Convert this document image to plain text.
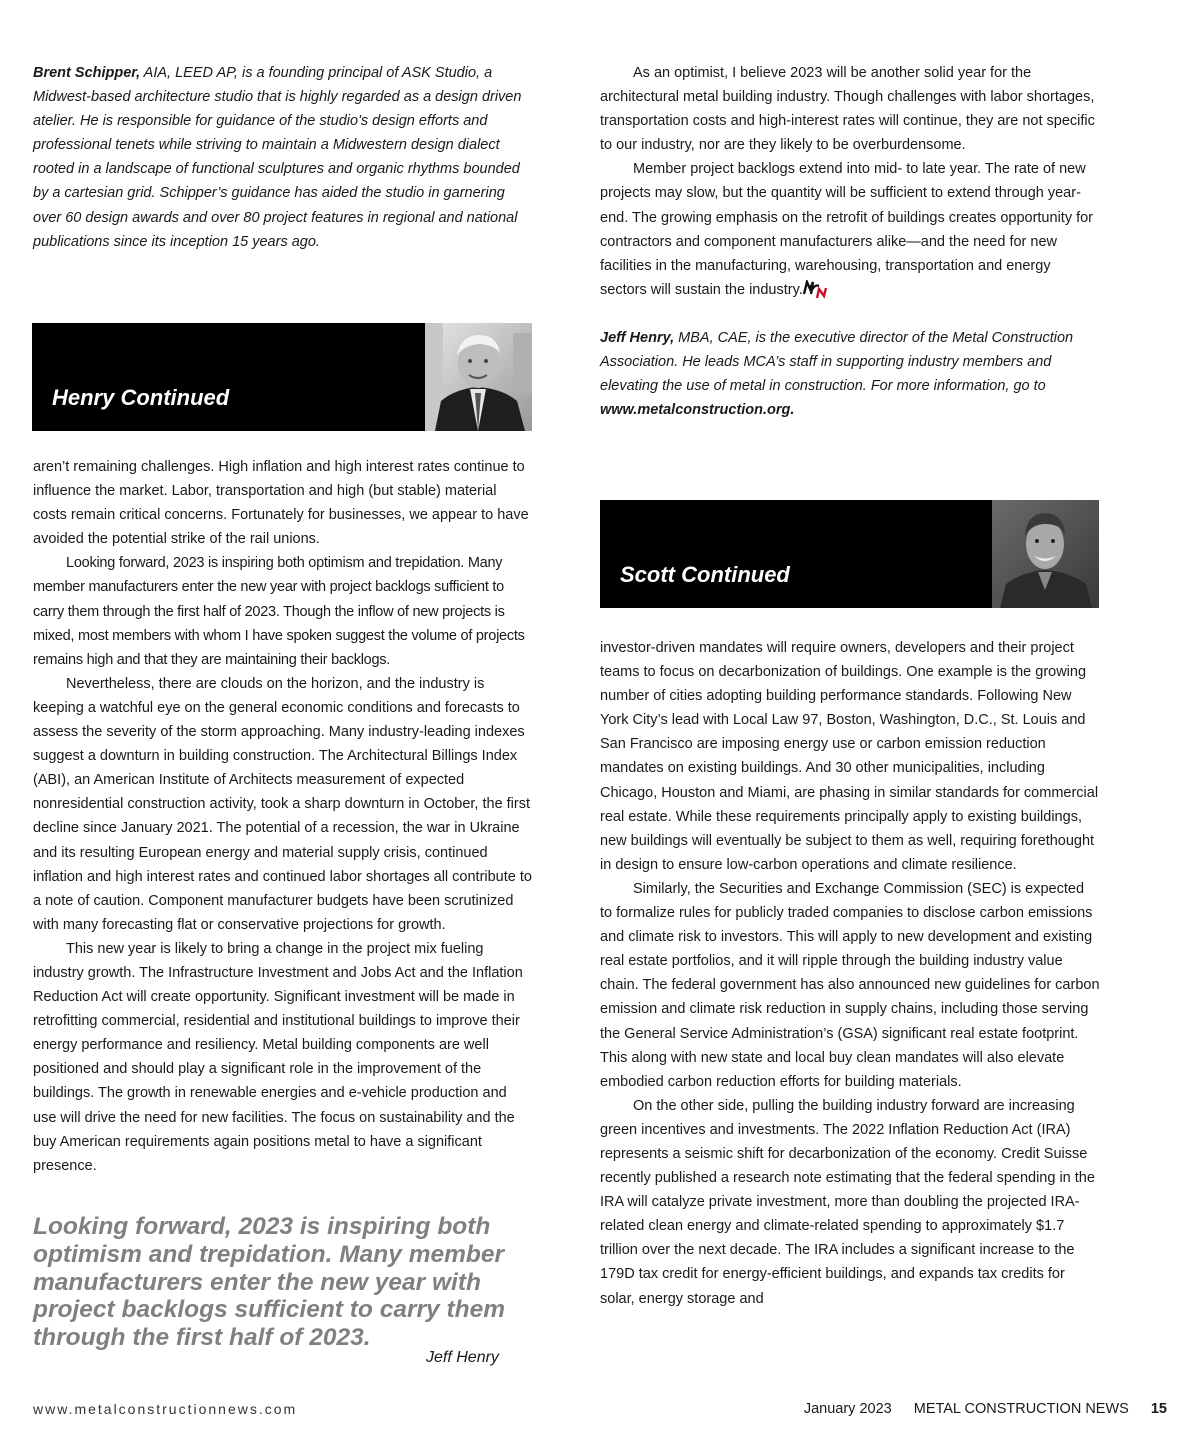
Brent Schipper, AIA, LEED AP, is a founding principal of ASK Studio, a Midwest-based architecture studio that is highly regarded as a design driven atelier. He is responsible for guidance of the studio's design efforts and professional tenets while striving to maintain a Midwestern design dialect rooted in a landscape of functional sculptures and organic rhythms bounded by a cartesian grid. Schipper’s guidance has aided the studio in garnering over 60 design awards and over 80 project features in regional and national publications since its inception 15 years ago.

Henry Continued

aren’t remaining challenges. High inflation and high interest rates continue to influence the market. Labor, transportation and high (but stable) material costs remain critical concerns. Fortunately for businesses, we appear to have avoided the potential strike of the rail unions.

Looking forward, 2023 is inspiring both optimism and trepidation. Many member manufacturers enter the new year with project backlogs sufficient to carry them through the first half of 2023. Though the inflow of new projects is mixed, most members with whom I have spoken suggest the volume of projects remains high and that they are maintaining their backlogs.

Nevertheless, there are clouds on the horizon, and the industry is keeping a watchful eye on the general economic conditions and forecasts to assess the severity of the storm approaching. Many industry-leading indexes suggest a downturn in building construction. The Architectural Billings Index (ABI), an American Institute of Architects measurement of expected nonresidential construction activity, took a sharp downturn in October, the first decline since January 2021. The potential of a recession, the war in Ukraine and its resulting European energy and material supply crisis, continued inflation and high interest rates and continued labor shortages all contribute to a note of caution. Component manufacturer budgets have been scrutinized with many forecasting flat or conservative projections for growth.

This new year is likely to bring a change in the project mix fueling industry growth. The Infrastructure Investment and Jobs Act and the Inflation Reduction Act will create opportunity. Significant investment will be made in retrofitting commercial, residential and institutional buildings to improve their energy performance and resiliency. Metal building components are well positioned and should play a significant role in the improvement of the buildings. The growth in renewable energies and e-vehicle production and use will drive the need for new facilities. The focus on sustainability and the buy American requirements again positions metal to have a significant presence.

Looking forward, 2023 is inspiring both optimism and trepidation. Many member manufacturers enter the new year with project backlogs sufficient to carry them through the first half of 2023.

Jeff Henry

As an optimist, I believe 2023 will be another solid year for the architectural metal building industry. Though challenges with labor shortages, transportation costs and high-interest rates will continue, they are not specific to our industry, nor are they likely to be overburdensome.

Member project backlogs extend into mid- to late year. The rate of new projects may slow, but the quantity will be sufficient to extend through year-end. The growing emphasis on the retrofit of buildings creates opportunity for contractors and component manufacturers alike—and the need for new facilities in the manufacturing, warehousing, transportation and energy sectors will sustain the industry.

Jeff Henry, MBA, CAE, is the executive director of the Metal Construction Association. He leads MCA’s staff in supporting industry members and elevating the use of metal in construction. For more information, go to www.metalconstruction.org.

Scott Continued

investor-driven mandates will require owners, developers and their project teams to focus on decarbonization of buildings. One example is the growing number of cities adopting building performance standards. Following New York City’s lead with Local Law 97, Boston, Washington, D.C., St. Louis and San Francisco are imposing energy use or carbon emission reduction mandates on existing buildings. And 30 other municipalities, including Chicago, Houston and Miami, are phasing in similar standards for commercial real estate. While these requirements principally apply to existing buildings, new buildings will eventually be subject to them as well, requiring forethought in design to ensure low-carbon operations and climate resilience.

Similarly, the Securities and Exchange Commission (SEC) is expected to formalize rules for publicly traded companies to disclose carbon emissions and climate risk to investors. This will apply to new development and existing real estate portfolios, and it will ripple through the building industry value chain. The federal government has also announced new guidelines for carbon emission and climate risk reduction in supply chains, including those serving the General Service Administration’s (GSA) significant real estate footprint. This along with new state and local buy clean mandates will also elevate embodied carbon reduction efforts for building materials.

On the other side, pulling the building industry forward are increasing green incentives and investments. The 2022 Inflation Reduction Act (IRA) represents a seismic shift for decarbonization of the economy. Credit Suisse recently published a research note estimating that the federal spending in the IRA will catalyze private investment, more than doubling the projected IRA-related clean energy and climate-related spending to approximately $1.7 trillion over the next decade. The IRA includes a significant increase to the 179D tax credit for energy-efficient buildings, and expands tax credits for solar, energy storage and

www.metalconstructionnews.com	January 2023 METAL CONSTRUCTION NEWS 15
